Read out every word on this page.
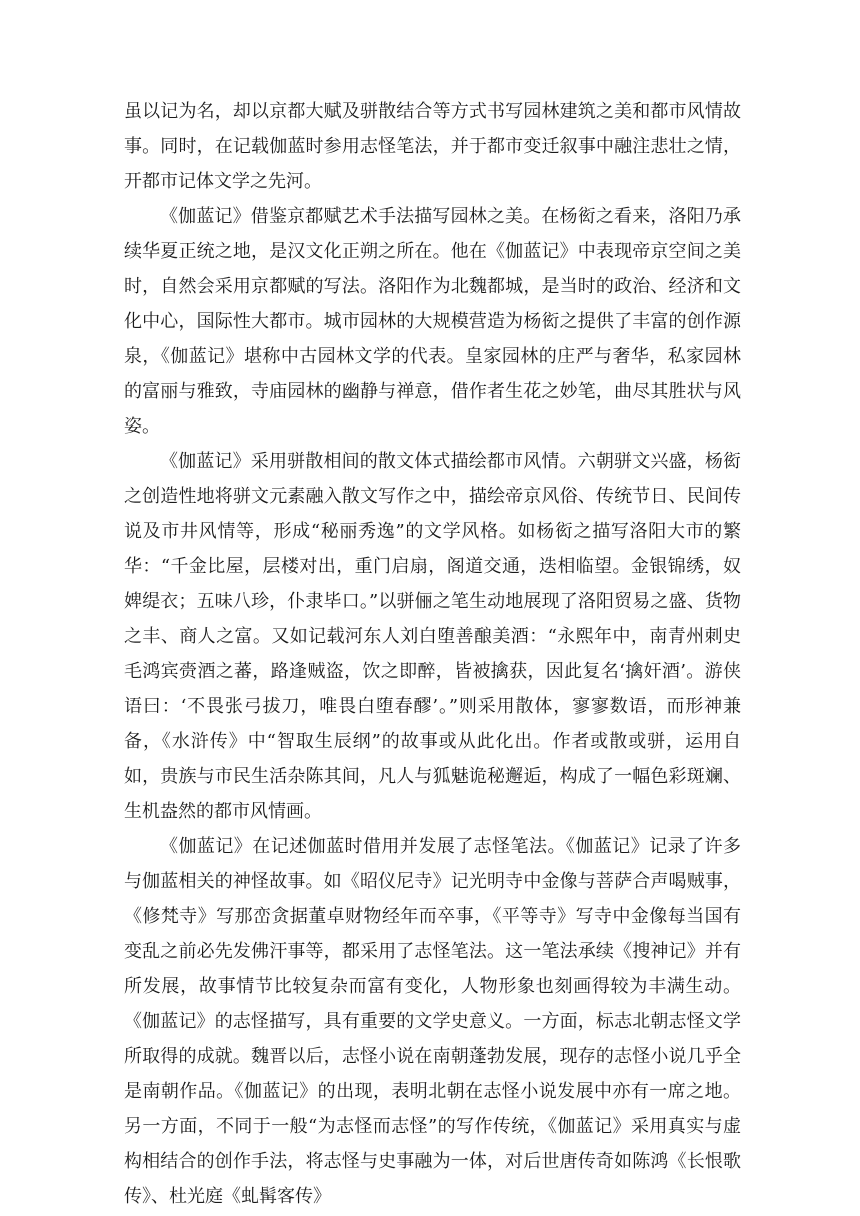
虽以记为名，却以京都大赋及骈散结合等方式书写园林建筑之美和都市风情故事。同时，在记载伽蓝时参用志怪笔法，并于都市变迁叙事中融注悲壮之情，开都市记体文学之先河。

《伽蓝记》借鉴京都赋艺术手法描写园林之美。在杨衒之看来，洛阳乃承续华夏正统之地，是汉文化正朔之所在。他在《伽蓝记》中表现帝京空间之美时，自然会采用京都赋的写法。洛阳作为北魏都城，是当时的政治、经济和文化中心，国际性大都市。城市园林的大规模营造为杨衒之提供了丰富的创作源泉，《伽蓝记》堪称中古园林文学的代表。皇家园林的庄严与奢华，私家园林的富丽与雅致，寺庙园林的幽静与禅意，借作者生花之妙笔，曲尽其胜状与风姿。

《伽蓝记》采用骈散相间的散文体式描绘都市风情。六朝骈文兴盛，杨衒之创造性地将骈文元素融入散文写作之中，描绘帝京风俗、传统节日、民间传说及市井风情等，形成“秘丽秀逸”的文学风格。如杨衒之描写洛阳大市的繁华：“千金比屋，层楼对出，重门启扇，阁道交通，迭相临望。金银锦绣，奴婢缇衣；五味八珍，仆隶毕口。”以骈俪之笔生动地展现了洛阳贸易之盛、货物之丰、商人之富。又如记载河东人刘白堕善酿美酒：“永熙年中，南青州刺史毛鸿宾赍酒之蕃，路逢贼盗，饮之即醉，皆被擒获，因此复名‘擒奸酒’。游侠语曰：‘不畏张弓拔刀，唯畏白堕春醪’。”则采用散体，寥寥数语，而形神兼备，《水浒传》中“智取生辰纲”的故事或从此化出。作者或散或骈，运用自如，贵族与市民生活杂陈其间，凡人与狐魅诡秘邂逅，构成了一幅色彩斑斓、生机盎然的都市风情画。

《伽蓝记》在记述伽蓝时借用并发展了志怪笔法。《伽蓝记》记录了许多与伽蓝相关的神怪故事。如《昭仪尼寺》记光明寺中金像与菩萨合声喝贼事，《修梵寺》写那峦贪据董卓财物经年而卒事，《平等寺》写寺中金像每当国有变乱之前必先发佛汗事等，都采用了志怪笔法。这一笔法承续《搜神记》并有所发展，故事情节比较复杂而富有变化，人物形象也刻画得较为丰满生动。《伽蓝记》的志怪描写，具有重要的文学史意义。一方面，标志北朝志怪文学所取得的成就。魏晋以后，志怪小说在南朝蓬勃发展，现存的志怪小说几乎全是南朝作品。《伽蓝记》的出现，表明北朝在志怪小说发展中亦有一席之地。另一方面，不同于一般“为志怪而志怪”的写作传统，《伽蓝记》采用真实与虚构相结合的创作手法，将志怪与史事融为一体，对后世唐传奇如陈鸿《长恨歌传》、杜光庭《虬髯客传》
